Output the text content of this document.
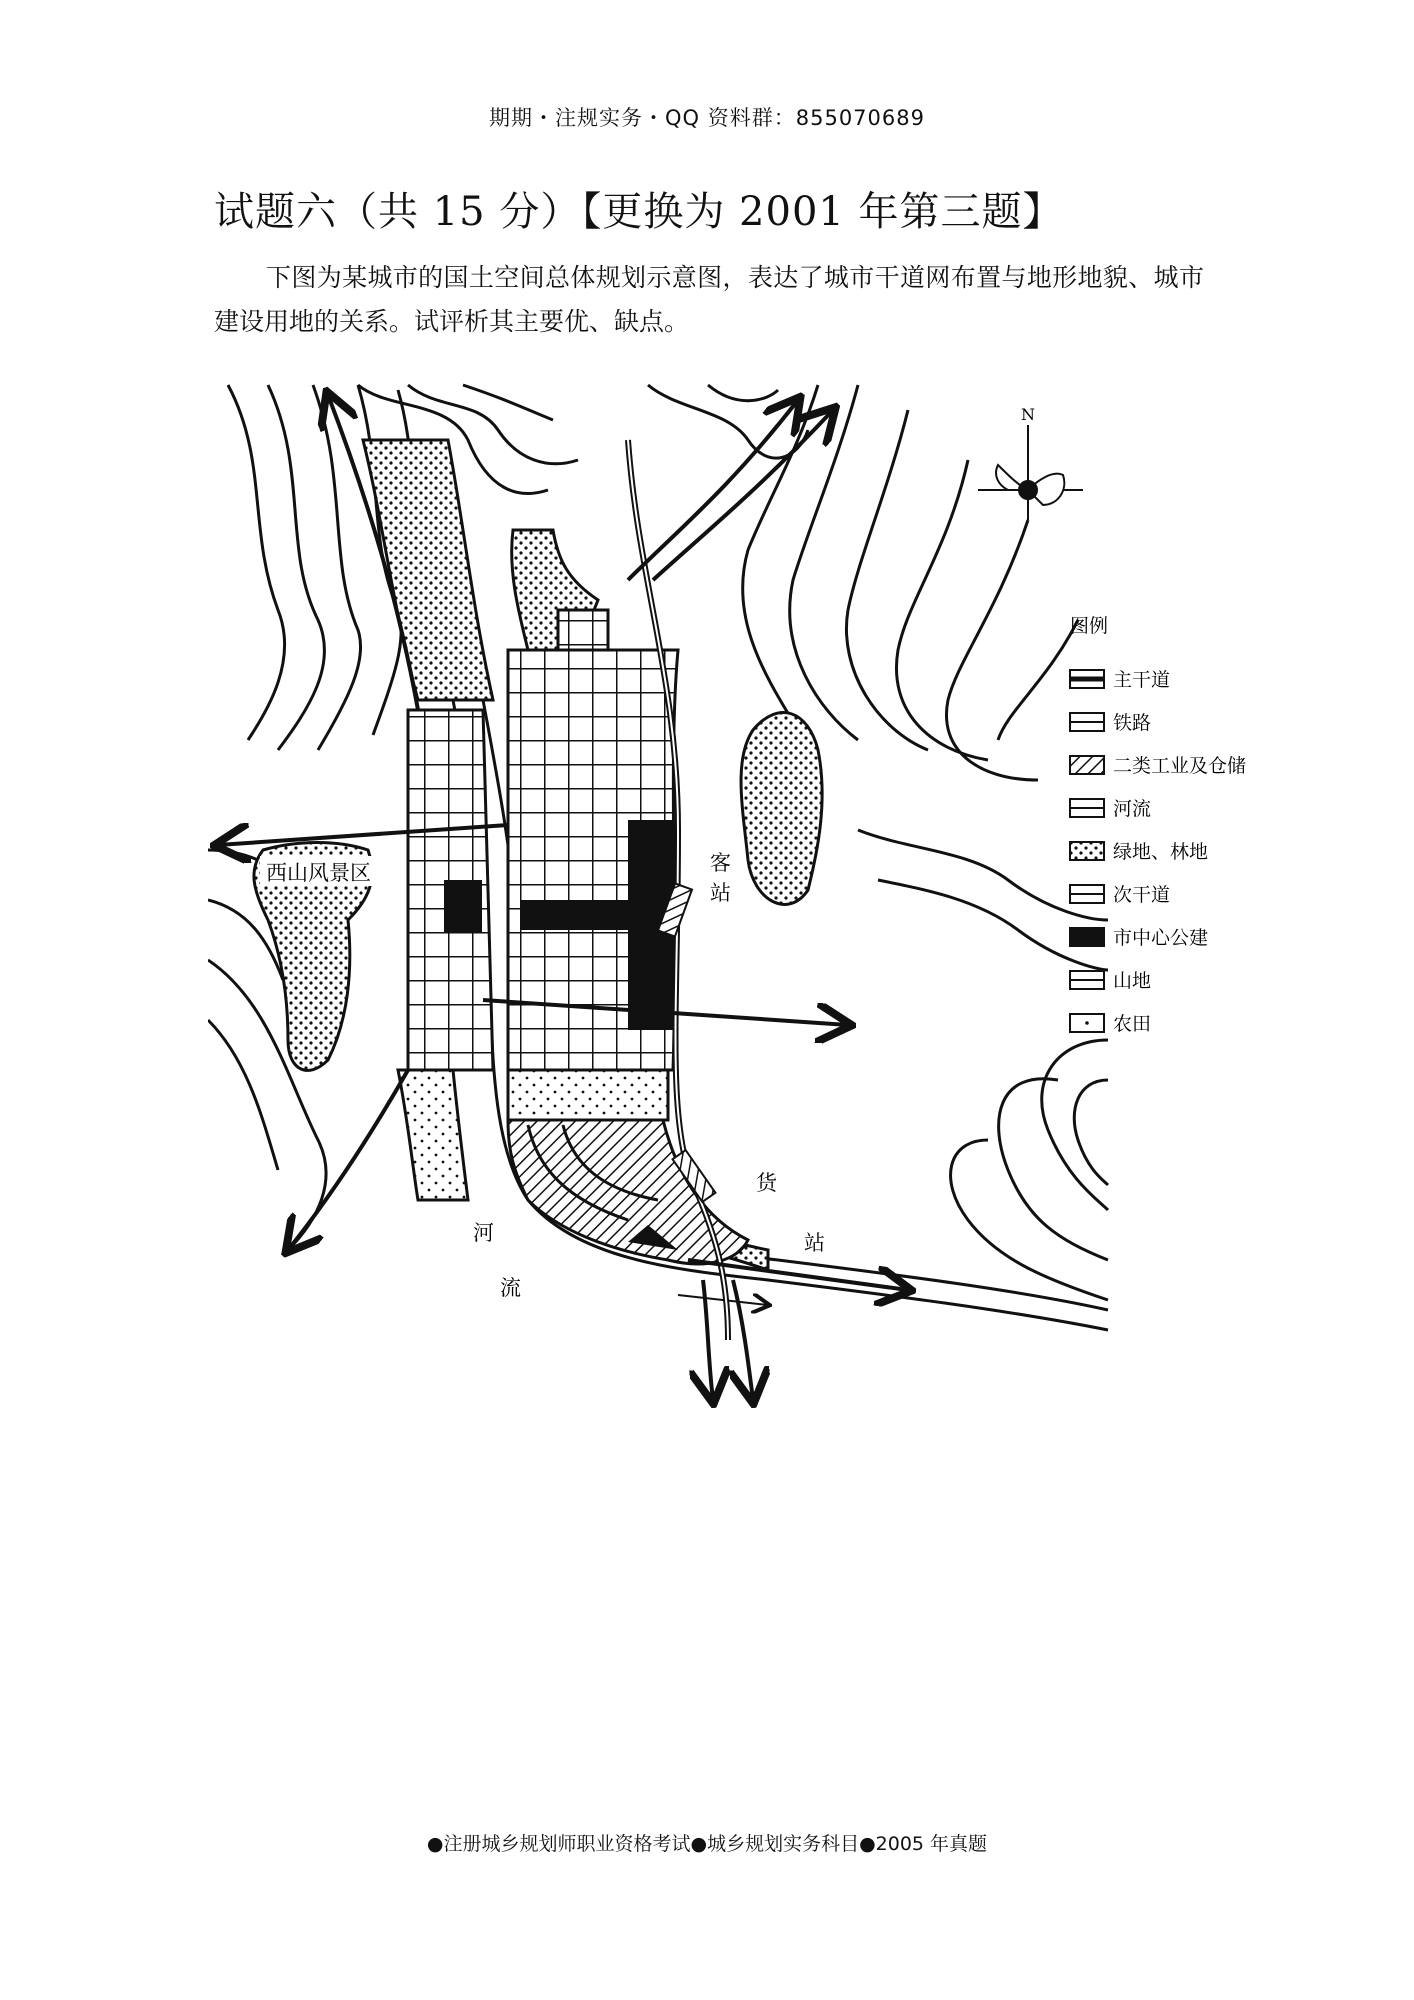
期期・注规实务・QQ 资料群：855070689
试题六（共 15 分）【更换为 2001 年第三题】
下图为某城市的国土空间总体规划示意图，表达了城市干道网布置与地形地貌、城市建设用地的关系。试评析其主要优、缺点。
N
西山风景区	客
站
货
站
河
流
图例
主干道
铁路
二类工业及仓储
河流
绿地、林地
次干道
市中心公建
山地
农田
●注册城乡规划师职业资格考试●城乡规划实务科目●2005 年真题
